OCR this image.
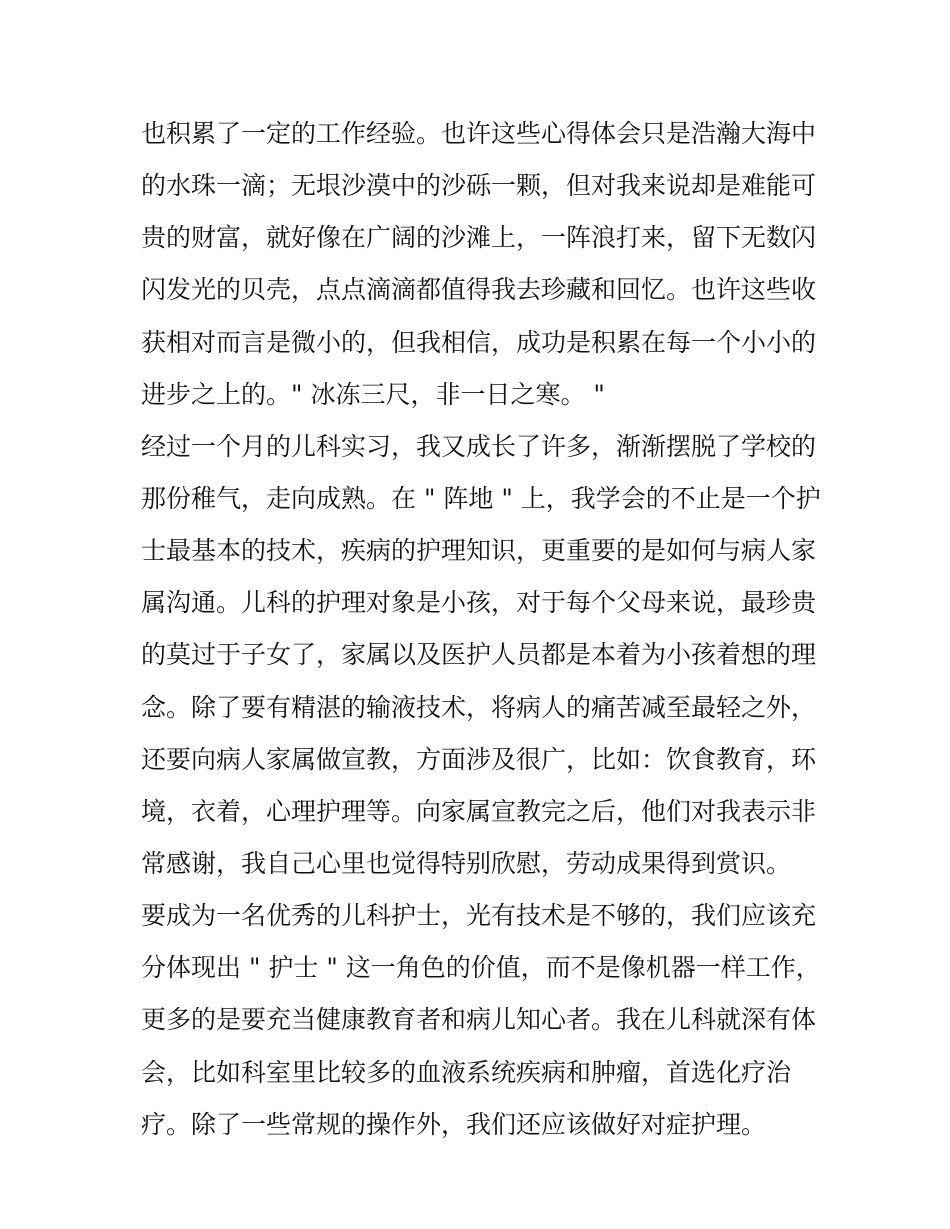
也积累了一定的工作经验。也许这些心得体会只是浩瀚大海中
的水珠一滴；无垠沙漠中的沙砾一颗，但对我来说却是难能可
贵的财富，就好像在广阔的沙滩上，一阵浪打来，留下无数闪
闪发光的贝壳，点点滴滴都值得我去珍藏和回忆。也许这些收
获相对而言是微小的，但我相信，成功是积累在每一个小小的
进步之上的。" 冰冻三尺，非一日之寒。 "
经过一个月的儿科实习，我又成长了许多，渐渐摆脱了学校的
那份稚气，走向成熟。在 " 阵地 " 上，我学会的不止是一个护
士最基本的技术，疾病的护理知识，更重要的是如何与病人家
属沟通。儿科的护理对象是小孩，对于每个父母来说，最珍贵
的莫过于子女了，家属以及医护人员都是本着为小孩着想的理
念。除了要有精湛的输液技术，将病人的痛苦减至最轻之外，
还要向病人家属做宣教，方面涉及很广，比如：饮食教育，环
境，衣着，心理护理等。向家属宣教完之后，他们对我表示非
常感谢，我自己心里也觉得特别欣慰，劳动成果得到赏识。
要成为一名优秀的儿科护士，光有技术是不够的，我们应该充
分体现出 " 护士 " 这一角色的价值，而不是像机器一样工作，
更多的是要充当健康教育者和病儿知心者。我在儿科就深有体
会，比如科室里比较多的血液系统疾病和肿瘤，首选化疗治
疗。除了一些常规的操作外，我们还应该做好对症护理。
